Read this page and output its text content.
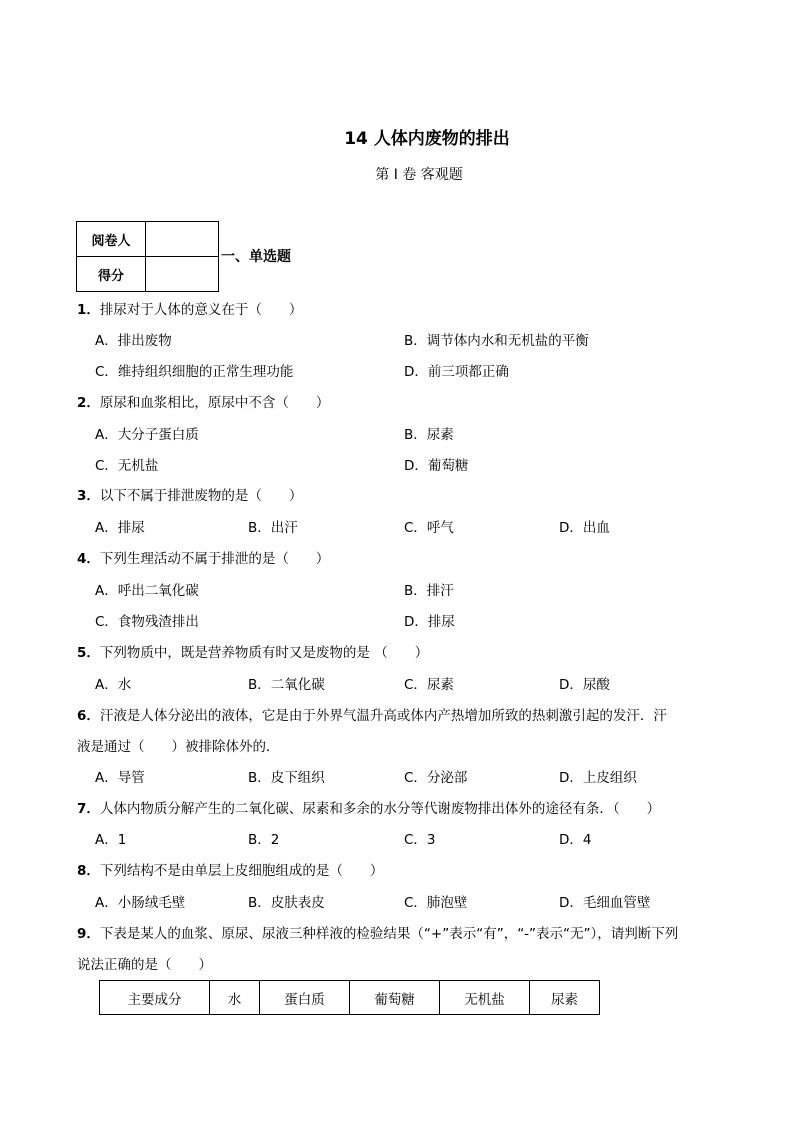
14 人体内废物的排出
第 I 卷 客观题
阅卷人	
得分	
一、单选题
1．排尿对于人体的意义在于（　　）
A．排出废物	B．调节体内水和无机盐的平衡
C．维持组织细胞的正常生理功能	D．前三项都正确
2．原尿和血浆相比，原尿中不含（　　）
A．大分子蛋白质	B．尿素
C．无机盐	D．葡萄糖
3．以下不属于排泄废物的是（　　）
A．排尿	B．出汗	C．呼气	D．出血
4．下列生理活动不属于排泄的是（　　）
A．呼出二氧化碳	B．排汗
C．食物残渣排出	D．排尿
5．下列物质中，既是营养物质有时又是废物的是 （　　）
A．水	B．二氧化碳	C．尿素	D．尿酸
6．汗液是人体分泌出的液体，它是由于外界气温升高或体内产热增加所致的热刺激引起的发汗．汗
液是通过（　　）被排除体外的．
A．导管	B．皮下组织	C．分泌部	D．上皮组织
7．人体内物质分解产生的二氧化碳、尿素和多余的水分等代谢废物排出体外的途径有条．（　　）
A．1	B．2	C．3	D．4
8．下列结构不是由单层上皮细胞组成的是（　　）
A．小肠绒毛壁	B．皮肤表皮	C．肺泡壁	D．毛细血管壁
9．下表是某人的血浆、原尿、尿液三种样液的检验结果（“+”表示“有”，“-”表示“无”），请判断下列
说法正确的是（　　）
主要成分	水	蛋白质	葡萄糖	无机盐	尿素
